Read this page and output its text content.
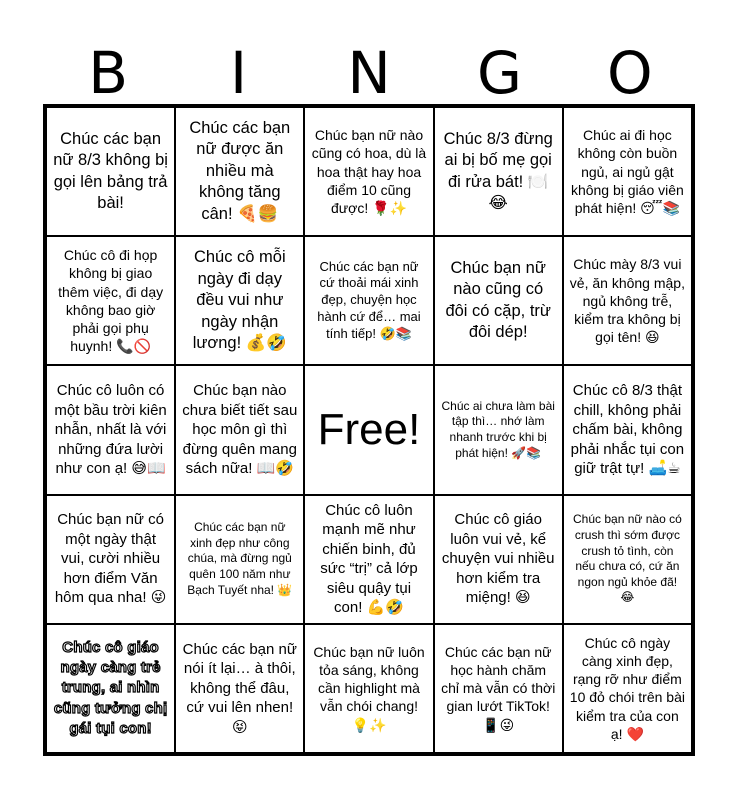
B	I	N	G	O
Chúc các bạn nữ 8/3 không bị gọi lên bảng trả bài!
Chúc các bạn nữ được ăn nhiều mà không tăng cân! 🍕🍔
Chúc bạn nữ nào cũng có hoa, dù là hoa thật hay hoa điểm 10 cũng được! 🌹✨
Chúc 8/3 đừng ai bị bố mẹ gọi đi rửa bát! 🍽️😂
Chúc ai đi học không còn buồn ngủ, ai ngủ gật không bị giáo viên phát hiện! 😴📚
Chúc cô đi họp không bị giao thêm việc, đi dạy không bao giờ phải gọi phụ huynh! 📞🚫
Chúc cô mỗi ngày đi dạy đều vui như ngày nhận lương! 💰🤣
Chúc các bạn nữ cứ thoải mái xinh đẹp, chuyện học hành cứ để… mai tính tiếp! 🤣📚
Chúc bạn nữ nào cũng có đôi có cặp, trừ đôi dép!
Chúc mày 8/3 vui vẻ, ăn không mập, ngủ không trễ, kiểm tra không bị gọi tên! 😆
Chúc cô luôn có một bầu trời kiên nhẫn, nhất là với những đứa lười như con ạ! 😅📖
Chúc bạn nào chưa biết tiết sau học môn gì thì đừng quên mang sách nữa! 📖🤣
Free!	Chúc ai chưa làm bài tập thì… nhớ làm nhanh trước khi bị phát hiện! 🚀📚
Chúc cô 8/3 thật chill, không phải chấm bài, không phải nhắc tụi con giữ trật tự! 🛋️☕
Chúc bạn nữ có một ngày thật vui, cười nhiều hơn điểm Văn hôm qua nha! 😜
Chúc các bạn nữ xinh đẹp như công chúa, mà đừng ngủ quên 100 năm như Bạch Tuyết nha! 👑
Chúc cô luôn mạnh mẽ như chiến binh, đủ sức “trị” cả lớp siêu quậy tụi con! 💪🤣
Chúc cô giáo luôn vui vẻ, kể chuyện vui nhiều hơn kiểm tra miệng! 😆
Chúc bạn nữ nào có crush thì sớm được crush tỏ tình, còn nếu chưa có, cứ ăn ngon ngủ khỏe đã! 😂
Chúc cô giáo ngày càng trẻ trung, ai nhìn cũng tưởng chị gái tụi con!
Chúc các bạn nữ nói ít lại… à thôi, không thể đâu, cứ vui lên nhen! 😝
Chúc bạn nữ luôn tỏa sáng, không cần highlight mà vẫn chói chang! 💡✨
Chúc các bạn nữ học hành chăm chỉ mà vẫn có thời gian lướt TikTok! 📱😜
Chúc cô ngày càng xinh đẹp, rạng rỡ như điểm 10 đỏ chói trên bài kiểm tra của con ạ! ❤️
